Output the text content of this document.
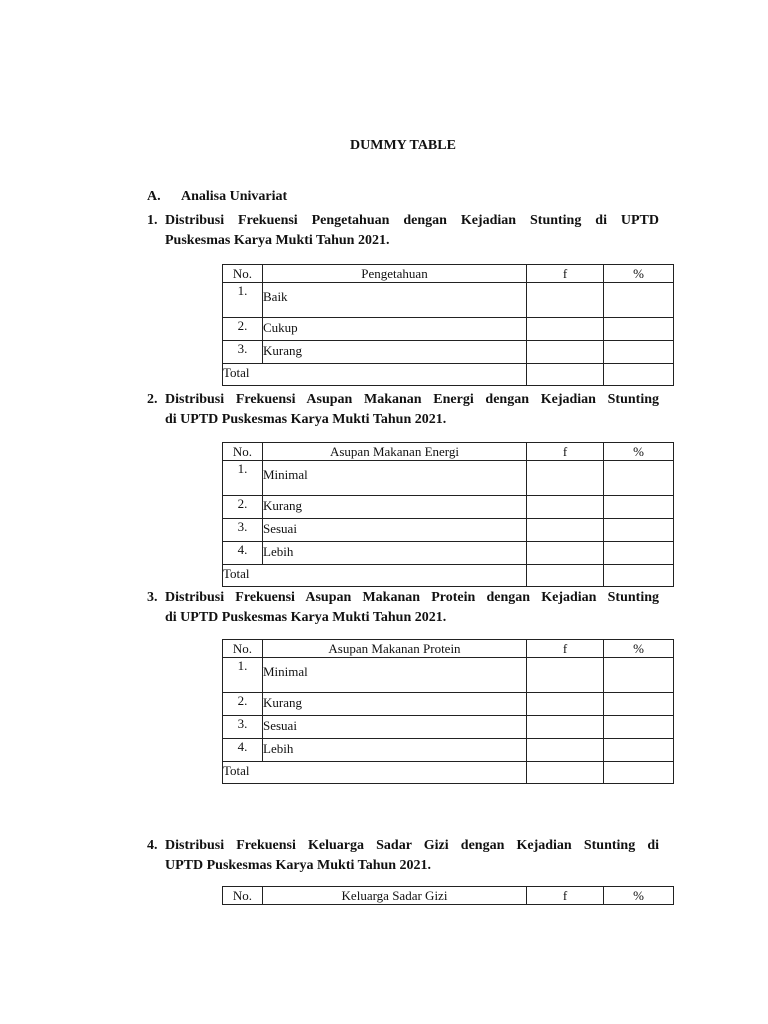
DUMMY TABLE
A. Analisa Univariat
1. Distribusi Frekuensi Pengetahuan dengan Kejadian Stunting di UPTD
Puskesmas Karya Mukti Tahun 2021.
No.	Pengetahuan	f	%
1.	Baik		
2.	Cukup		
3.	Kurang		
Total			
2. Distribusi Frekuensi Asupan Makanan Energi dengan Kejadian Stunting
di UPTD Puskesmas Karya Mukti Tahun 2021.
No.	Asupan Makanan Energi	f	%
1.	Minimal		
2.	Kurang		
3.	Sesuai		
4.	Lebih		
Total			
3. Distribusi Frekuensi Asupan Makanan Protein dengan Kejadian Stunting
di UPTD Puskesmas Karya Mukti Tahun 2021.
No.	Asupan Makanan Protein	f	%
1.	Minimal		
2.	Kurang		
3.	Sesuai		
4.	Lebih		
Total			
4. Distribusi Frekuensi Keluarga Sadar Gizi dengan Kejadian Stunting di
UPTD Puskesmas Karya Mukti Tahun 2021.
No.	Keluarga Sadar Gizi	f	%
